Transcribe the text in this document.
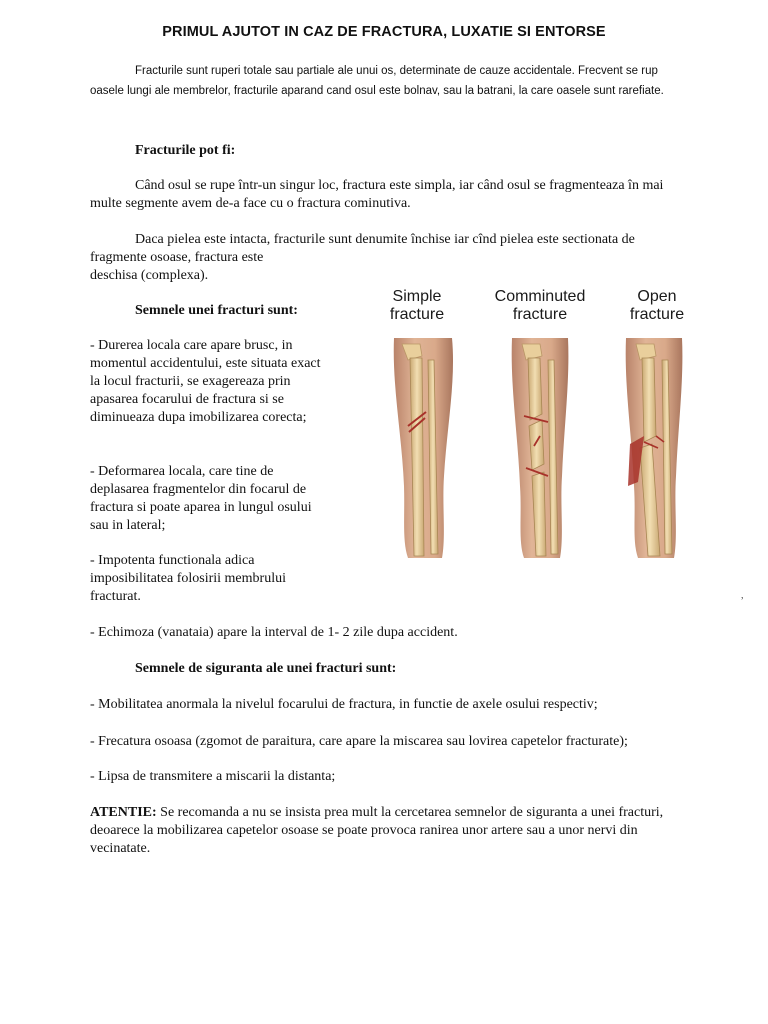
PRIMUL AJUTOT IN CAZ DE FRACTURA, LUXATIE SI ENTORSE

Fracturile sunt ruperi totale sau partiale ale unui os, determinate de cauze accidentale. Frecvent se rup oasele lungi ale membrelor, fracturile aparand cand osul este bolnav, sau la batrani, la care oasele sunt rarefiate.

Fracturile pot fi:

Când osul se rupe într-un singur loc, fractura este simpla, iar când osul se fragmenteaza în mai multe segmente avem de-a face cu o fractura cominutiva.

Daca pielea este intacta, fracturile sunt denumite închise iar cînd pielea este sectionata de
fragmente osoase, fractura este
deschisa (complexa).

Semnele unei fracturi sunt:

- Durerea locala care apare brusc, in momentul accidentului, este situata exact la locul fracturii, se exagereaza prin apasarea focarului de fractura si se diminueaza dupa imobilizarea corecta;

- Deformarea locala, care tine de deplasarea fragmentelor din focarul de fractura si poate aparea in lungul osului sau in lateral;

- Impotenta functionala adica imposibilitatea folosirii membrului fracturat.

- Echimoza (vanataia) apare la interval de 1- 2 zile dupa accident.

Semnele de siguranta ale unei fracturi sunt:

- Mobilitatea anormala la nivelul focarului de fractura, in functie de axele osului respectiv;

- Frecatura osoasa (zgomot de paraitura, care apare la miscarea sau lovirea capetelor fracturate);

- Lipsa de transmitere a miscarii la distanta;

ATENTIE: Se recomanda a nu se insista prea mult la cercetarea semnelor de siguranta a unei fracturi, deoarece la mobilizarea capetelor osoase se poate provoca ranirea unor artere sau a unor nervi din vecinatate.

,
Simple
fracture
Comminuted
fracture
Open
fracture
